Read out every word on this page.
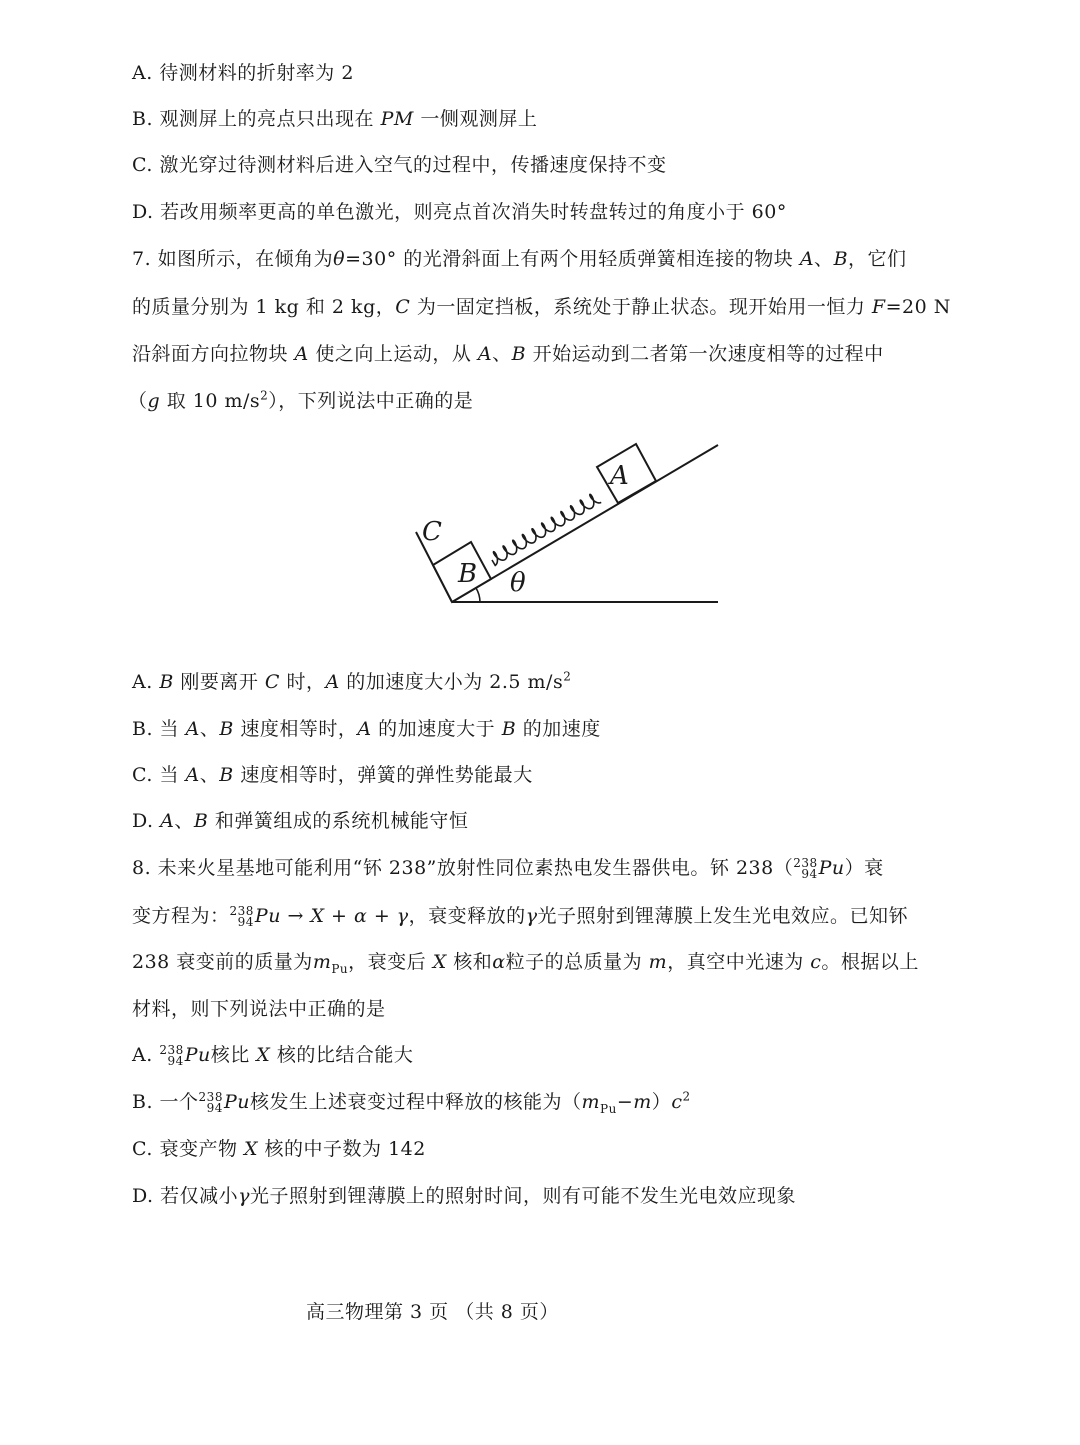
A. 待测材料的折射率为 2
B. 观测屏上的亮点只出现在 PM 一侧观测屏上
C. 激光穿过待测材料后进入空气的过程中，传播速度保持不变
D. 若改用频率更高的单色激光，则亮点首次消失时转盘转过的角度小于 60°
7. 如图所示，在倾角为θ=30° 的光滑斜面上有两个用轻质弹簧相连接的物块 A、B，它们
的质量分别为 1 kg 和 2 kg，C 为一固定挡板，系统处于静止状态。现开始用一恒力 F=20 N
沿斜面方向拉物块 A 使之向上运动，从 A、B 开始运动到二者第一次速度相等的过程中
（g 取 10 $m/s^2$），下列说法中正确的是
C
B
A
θ
A. B 刚要离开 C 时，A 的加速度大小为 2.5 $m/s^2$
B. 当 A、B 速度相等时，A 的加速度大于 B 的加速度
C. 当 A、B 速度相等时，弹簧的弹性势能最大
D. A、B 和弹簧组成的系统机械能守恒
8. 未来火星基地可能利用“钚 238”放射性同位素热电发生器供电。钚 238（ 238
94 Pu）衰
变方程为： 238
94 Pu → X + α + γ，衰变释放的γ光子照射到锂薄膜上发生光电效应。已知钚
238 衰变前的质量为$m_{Pu}$，衰变后 X 核和α粒子的总质量为 m，真空中光速为 c。根据以上
材料，则下列说法中正确的是
A. 238
94 Pu核比 X 核的比结合能大
B. 一个 238
94 Pu核发生上述衰变过程中释放的核能为$(m_{Pu}-m)c^2$
C. 衰变产物 X 核的中子数为 142
D. 若仅减小γ光子照射到锂薄膜上的照射时间，则有可能不发生光电效应现象
高三物理第 3 页 （共 8 页）
